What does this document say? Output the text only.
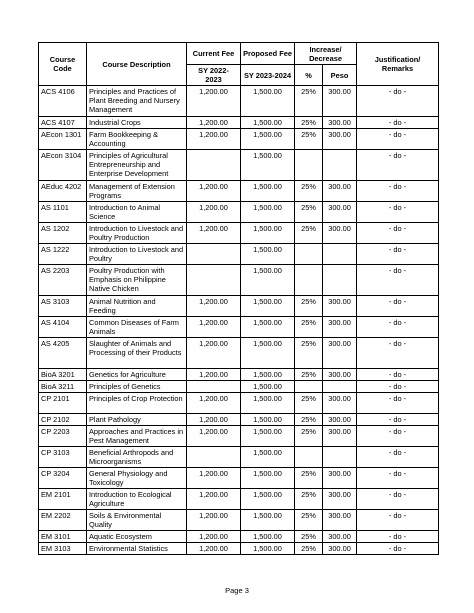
Course Code	Course Description	Current Fee	Proposed Fee	Increase/ Decrease		Justification/ Remarks
		SY 2022- 2023	SY 2023-2024	%	Peso	
ACS 4106	Principles and Practices of Plant Breeding and Nursery Management	1,200.00	1,500.00	25%	300.00	- do -
ACS 4107	Industrial Crops	1,200.00	1,500.00	25%	300.00	- do -
AEcon 1301	Farm Bookkeeping & Accounting	1,200.00	1,500.00	25%	300.00	- do -
AEcon 3104	Principles of Agricultural Entrepreneurship and Enterprise Development		1,500.00			- do -
AEduc 4202	Management of Extension Programs	1,200.00	1,500.00	25%	300.00	- do -
AS 1101	Introduction to Animal Science	1,200.00	1,500.00	25%	300.00	- do -
AS 1202	Introduction to Livestock and Poultry Production	1,200.00	1,500.00	25%	300.00	- do -
AS 1222	Introduction to Livestock and Poultry		1,500.00			- do -
AS 2203	Poultry Production with Emphasis on Philippine Native Chicken		1,500.00			- do -
AS 3103	Animal Nutrition and Feeding	1,200.00	1,500.00	25%	300.00	- do -
AS 4104	Common Diseases of Farm Animals	1,200.00	1,500.00	25%	300.00	- do -
AS 4205	Slaughter of Animals and Processing of their Products	1,200.00	1,500.00	25%	300.00	- do -
BioA 3201	Genetics for Agriculture	1,200.00	1,500.00	25%	300.00	- do -
BioA 3211	Principles of Genetics		1,500.00			- do -
CP 2101	Principles of Crop Protection	1,200.00	1,500.00	25%	300.00	- do -
CP 2102	Plant Pathology	1,200.00	1,500.00	25%	300.00	- do -
CP 2203	Approaches and Practices in Pest Management	1,200.00	1,500.00	25%	300.00	- do -
CP 3103	Beneficial Arthropods and Microorganisms		1,500.00			- do -
CP 3204	General Physiology and Toxicology	1,200.00	1,500.00	25%	300.00	- do -
EM 2101	Introduction to Ecological Agriculture	1,200.00	1,500.00	25%	300.00	- do -
EM 2202	Soils & Environmental Quality	1,200.00	1,500.00	25%	300.00	- do -
EM 3101	Aquatic Ecosystem	1,200.00	1,500.00	25%	300.00	- do -
EM 3103	Environmental Statistics	1,200.00	1,500.00	25%	300.00	- do -
Page 3
